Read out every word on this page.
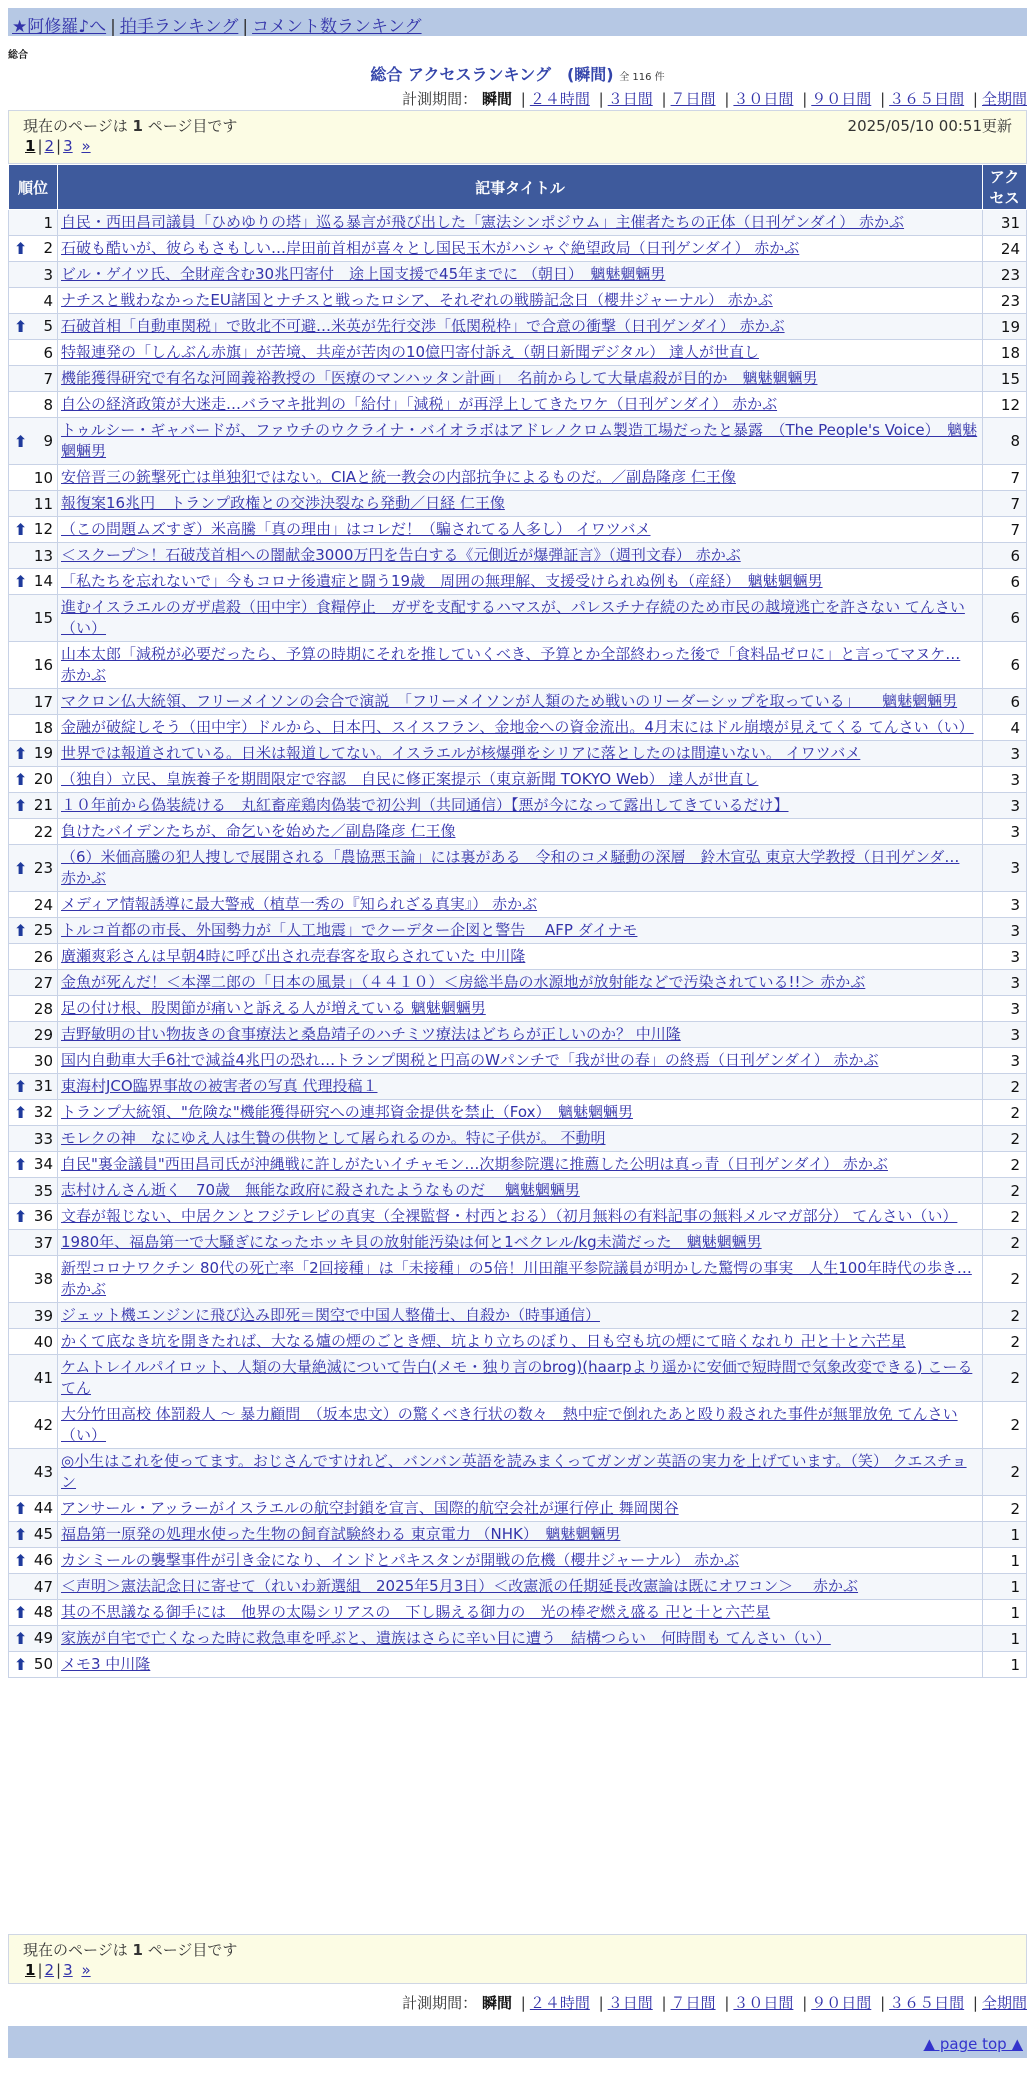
★阿修羅♪へ | 拍手ランキング | コメント数ランキング
総合
総合 アクセスランキング　(瞬間) 全 116 件
計測期間： 瞬間 | ２４時間 | ３日間 | ７日間 | ３０日間 | ９０日間 | ３６５日間 | 全期間
現在のページは 1 ページ目です	2025/05/10 00:51更新
1 | 2 | 3 »
順位	記事タイトル	アクセス
1	自民・西田昌司議員「ひめゆりの塔」巡る暴言が飛び出した「憲法シンポジウム」主催者たちの正体（日刊ゲンダイ） 赤かぶ	31

⬆ 2	石破も酷いが、彼らもさもしい…岸田前首相が喜々とし国民玉木がハシャぐ絶望政局（日刊ゲンダイ） 赤かぶ	24
3	ビル・ゲイツ氏、全財産含む30兆円寄付　途上国支援で45年までに （朝日）　魑魅魍魎男	23
4	ナチスと戦わなかったEU諸国とナチスと戦ったロシア、それぞれの戦勝記念日（櫻井ジャーナル） 赤かぶ	23

⬆ 5	石破首相「自動車関税」で敗北不可避…米英が先行交渉「低関税枠」で合意の衝撃（日刊ゲンダイ） 赤かぶ	19
6	特報連発の「しんぶん赤旗」が苦境、共産が苦肉の10億円寄付訴え（朝日新聞デジタル） 達人が世直し	18
7	機能獲得研究で有名な河岡義裕教授の「医療のマンハッタン計画」　名前からして大量虐殺が目的か　魑魅魍魎男	15
8	自公の経済政策が大迷走…バラマキ批判の「給付」「減税」が再浮上してきたワケ（日刊ゲンダイ） 赤かぶ	12

⬆ 9	トゥルシー・ギャバードが、ファウチのウクライナ・バイオラボはアドレノクロム製造工場だったと暴露　（The People's Voice）　魑魅魍魎男	8
10	安倍晋三の銃撃死亡は単独犯ではない。CIAと統一教会の内部抗争によるものだ。／副島隆彦 仁王像	7
11	報復案16兆円　トランプ政権との交渉決裂なら発動／日経 仁王像	7

⬆ 12	（この問題ムズすぎ）米高騰「真の理由」はコレだ！（騙されてる人多し） イワツバメ	7
13	＜スクープ＞！石破茂首相への闇献金3000万円を告白する《元側近が爆弾証言》（週刊文春） 赤かぶ	6

⬆ 14	「私たちを忘れないで」今もコロナ後遺症と闘う19歳　周囲の無理解、支援受けられぬ例も（産経）　魑魅魍魎男	6
15	進むイスラエルのガザ虐殺（田中宇）食糧停止　ガザを支配するハマスが、パレスチナ存続のため市民の越境逃亡を許さない てんさい（い）	6
16	山本太郎「減税が必要だったら、予算の時期にそれを推していくべき、予算とか全部終わった後で「食料品ゼロに」と言ってマヌケ… 赤かぶ	6
17	マクロン仏大統領、フリーメイソンの会合で演説　「フリーメイソンが人類のため戦いのリーダーシップを取っている」　　魑魅魍魎男	6
18	金融が破綻しそう（田中宇）ドルから、日本円、スイスフラン、金地金への資金流出。4月末にはドル崩壊が見えてくる てんさい（い）	4

⬆ 19	世界では報道されている。日米は報道してない。イスラエルが核爆弾をシリアに落としたのは間違いない。 イワツバメ	3

⬆ 20	（独自）立民、皇族養子を期間限定で容認　自民に修正案提示（東京新聞 TOKYO Web） 達人が世直し	3

⬆ 21	１０年前から偽装続ける　丸紅畜産鶏肉偽装で初公判（共同通信）【悪が今になって露出してきているだけ】	3
22	負けたバイデンたちが、命乞いを始めた／副島隆彦 仁王像	3

⬆ 23	（6）米価高騰の犯人捜しで展開される「農協悪玉論」には裏がある　令和のコメ騒動の深層　鈴木宣弘 東京大学教授（日刊ゲンダ… 赤かぶ	3
24	メディア情報誘導に最大警戒（植草一秀の『知られざる真実』） 赤かぶ	3

⬆ 25	トルコ首都の市長、外国勢力が「人工地震」でクーデター企図と警告　 AFP ダイナモ	3
26	廣瀬爽彩さんは早朝4時に呼び出され売春客を取らされていた 中川隆	3
27	金魚が死んだ！＜本澤二郎の「日本の風景」（４４１０）＜房総半島の水源地が放射能などで汚染されている!!＞ 赤かぶ	3
28	足の付け根、股関節が痛いと訴える人が増えている 魑魅魍魎男	3
29	吉野敏明の甘い物抜きの食事療法と桑島靖子のハチミツ療法はどちらが正しいのか？ 中川隆	3
30	国内自動車大手6社で減益4兆円の恐れ…トランプ関税と円高のWパンチで「我が世の春」の終焉（日刊ゲンダイ） 赤かぶ	3

⬆ 31	東海村JCO臨界事故の被害者の写真 代理投稿１	2

⬆ 32	トランプ大統領、"危険な"機能獲得研究への連邦資金提供を禁止（Fox）　魑魅魍魎男	2
33	モレクの神　なにゆえ人は生贄の供物として屠られるのか。特に子供が。 不動明	2

⬆ 34	自民"裏金議員"西田昌司氏が沖縄戦に許しがたいイチャモン…次期参院選に推薦した公明は真っ青（日刊ゲンダイ） 赤かぶ	2
35	志村けんさん逝く　70歳　無能な政府に殺されたようなものだ　 魑魅魍魎男	2

⬆ 36	文春が報じない、中居クンとフジテレビの真実（全裸監督・村西とおる）（初月無料の有料記事の無料メルマガ部分） てんさい（い）	2
37	1980年、福島第一で大騒ぎになったホッキ貝の放射能汚染は何と1ベクレル/kg未満だった　魑魅魍魎男	2
38	新型コロナワクチン 80代の死亡率「2回接種」は「未接種」の5倍！川田龍平参院議員が明かした驚愕の事実　人生100年時代の歩き… 赤かぶ	2
39	ジェット機エンジンに飛び込み即死＝関空で中国人整備士、自殺か（時事通信）	2
40	かくて底なき坑を開きたれば、大なる爐の煙のごとき煙、坑より立ちのぼり、日も空も坑の煙にて暗くなれり 卍と十と六芒星	2
41	ケムトレイルパイロット、人類の大量絶滅について告白(メモ・独り言のbrog)(haarpより遥かに安価で短時間で気象改変できる) こーるてん	2
42	大分竹田高校 体罰殺人 ～ 暴力顧問　（坂本忠文）の驚くべき行状の数々　熱中症で倒れたあと殴り殺された事件が無罪放免 てんさい（い）	2
43	◎小生はこれを使ってます。おじさんですけれど、バンバン英語を読みまくってガンガン英語の実力を上げています。（笑） クエスチョン	2

⬆ 44	アンサール・アッラーがイスラエルの航空封鎖を宣言、国際的航空会社が運行停止 舞岡関谷	2

⬆ 45	福島第一原発の処理水使った生物の飼育試験終わる 東京電力 （NHK）　魑魅魍魎男	1

⬆ 46	カシミールの襲撃事件が引き金になり、インドとパキスタンが開戦の危機（櫻井ジャーナル） 赤かぶ	1
47	＜声明＞憲法記念日に寄せて（れいわ新選組　2025年5月3日）＜改憲派の任期延長改憲論は既にオワコン＞　 赤かぶ	1

⬆ 48	其の不思議なる御手には　他界の太陽シリアスの　下し賜える御力の　光の棒ぞ燃え盛る 卍と十と六芒星	1

⬆ 49	家族が自宅で亡くなった時に救急車を呼ぶと、遺族はさらに辛い目に遭う　結構つらい　何時間も てんさい（い）	1

⬆ 50	メモ3 中川隆	1
現在のページは 1 ページ目です
1 | 2 | 3 »
計測期間： 瞬間 | ２４時間 | ３日間 | ７日間 | ３０日間 | ９０日間 | ３６５日間 | 全期間
▲ page top ▲
